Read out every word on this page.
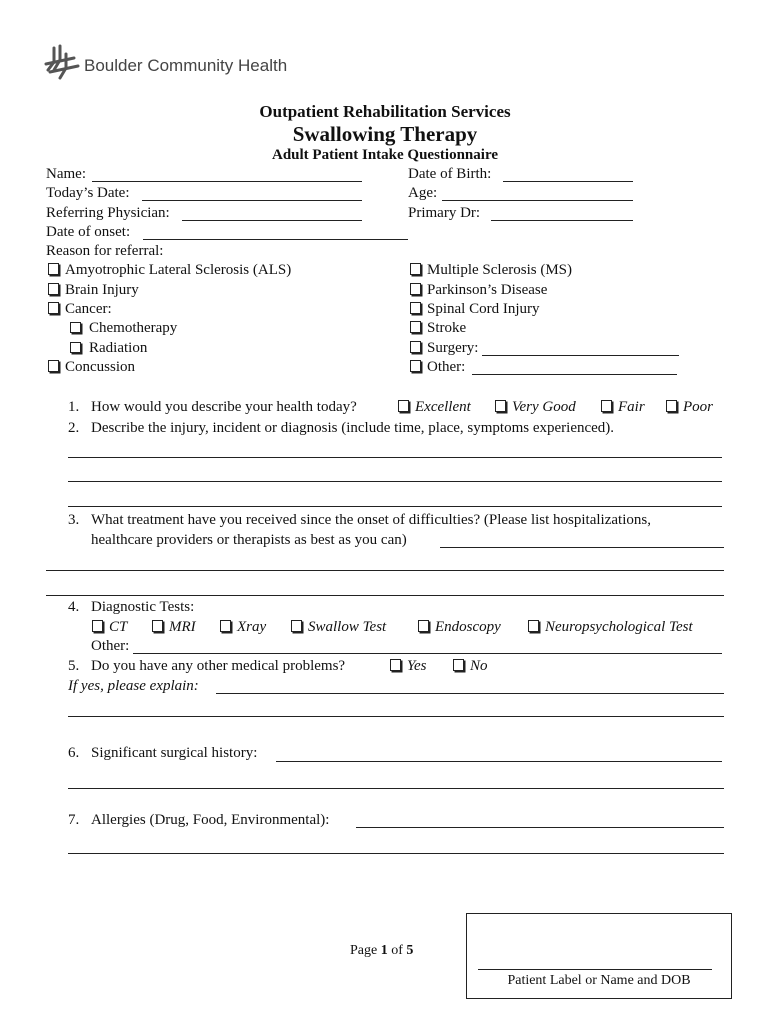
Boulder Community Health
Outpatient Rehabilitation Services
Swallowing Therapy
Adult Patient Intake Questionnaire
Name:
Today’s Date:
Referring Physician:
Date of onset:
Date of Birth:
Age:
Primary Dr:
Reason for referral:
Amyotrophic Lateral Sclerosis (ALS)
Brain Injury
Cancer:
Chemotherapy
Radiation
Concussion
Multiple Sclerosis (MS)
Parkinson’s Disease
Spinal Cord Injury
Stroke
Surgery:
Other:
1. How would you describe your health today?	Excellent	Very Good	Fair	Poor
2. Describe the injury, incident or diagnosis (include time, place, symptoms experienced).
3. What treatment have you received since the onset of difficulties? (Please list hospitalizations,
healthcare providers or therapists as best as you can)
4. Diagnostic Tests:
CT	MRI	Xray	Swallow Test	Endoscopy	Neuropsychological Test
Other:
5. Do you have any other medical problems?	Yes	No
If yes, please explain:
6. Significant surgical history:
7. Allergies (Drug, Food, Environmental):
Page 1 of 5
Patient Label or Name and DOB
